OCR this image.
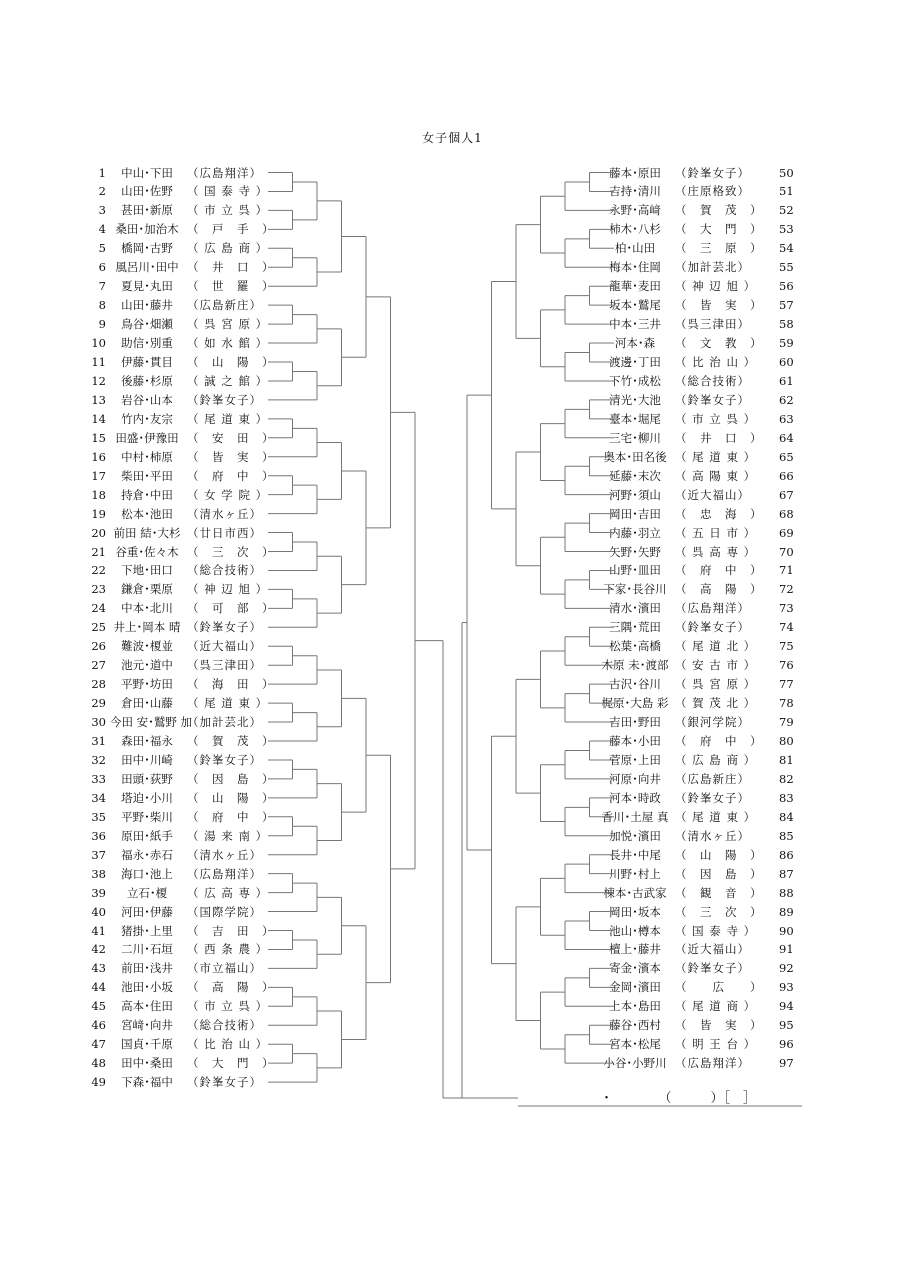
女子個人1
1 中山･下田 （広島翔洋）
2 山田･佐野 （ 国 泰 寺 ）
3 甚田･新原 （ 市 立 呉 ）
4 桑田･加治木 （　戸　手　）
5 橋岡･古野 （ 広 島 商 ）
6 風呂川･田中 （　井　口　）
7 夏見･丸田 （　世　羅　）
8 山田･藤井 （広島新庄）
9 鳥谷･畑瀬 （ 呉 宮 原 ）
10 助信･別重 （ 如 水 館 ）
11 伊藤･貫目 （　山　陽　）
12 後藤･杉原 （ 誠 之 館 ）
13 岩谷･山本 （鈴峯女子）
14 竹内･友宗 （ 尾 道 東 ）
15 田盛･伊豫田 （　安　田　）
16 中村･柿原 （　皆　実　）
17 柴田･平田 （　府　中　）
18 持倉･中田 （ 女 学 院 ）
19 松本･池田 （清水ヶ丘）
20 前田 結･大杉 （廿日市西）
21 谷重･佐々木 （　三　次　）
22 下地･田口 （総合技術）
23 鎌倉･栗原 （ 神 辺 旭 ）
24 中本･北川 （　可　部　）
25 井上･岡本 晴 （鈴峯女子）
26 難波･榎並 （近大福山）
27 池元･道中 （呉三津田）
28 平野･坊田 （　海　田　）
29 倉田･山藤 （ 尾 道 東 ）
30 今田 安･鷲野 加（加計芸北）
31 森田･福永 （　賀　茂　）
32 田中･川崎 （鈴峯女子）
33 田頭･荻野 （　因　島　）
34 塔迫･小川 （　山　陽　）
35 平野･柴川 （　府　中　）
36 原田･紙手 （ 湯 来 南 ）
37 福永･赤石 （清水ヶ丘）
38 海口･池上 （広島翔洋）
39 立石･榎 （ 広 高 専 ）
40 河田･伊藤 （国際学院）
41 猪掛･上里 （　吉　田　）
42 二川･石垣 （ 西 条 農 ）
43 前田･浅井 （市立福山）
44 池田･小坂 （　高　陽　）
45 高本･住田 （ 市 立 呉 ）
46 宮﨑･向井 （総合技術）
47 国貞･千原 （ 比 治 山 ）
48 田中･桑田 （　大　門　）
49 下森･福中 （鈴峯女子）
藤本･原田 （鈴峯女子）	50
吉持･清川 （庄原格致）	51
永野･高﨑 （　賀　茂　） 52
柿木･八杉 （　大　門　） 53
柏･山田 （　三　原　） 54
梅本･住岡 （加計芸北）	55
龍華･麦田 （ 神 辺 旭 ） 56
坂本･鷲尾 （　皆　実　） 57
中本･三井 （呉三津田）	58
河本･森 （　文　教　） 59
渡邊･丁田 （ 比 治 山 ） 60
下竹･成松 （総合技術）	61
清光･大池 （鈴峯女子）	62
臺本･堀尾 （ 市 立 呉 ） 63
三宅･柳川 （　井　口　） 64
奥本･田名後 （ 尾 道 東 ） 65
延藤･末次 （ 高 陽 東 ） 66
河野･須山 （近大福山）	67
岡田･吉田 （　忠　海　） 68
内藤･羽立 （ 五 日 市 ） 69
矢野･矢野 （ 呉 高 専 ） 70
山野･皿田 （　府　中　） 71
下家･長谷川 （　高　陽　） 72
清水･濱田 （広島翔洋）	73
三隅･荒田 （鈴峯女子）	74
松葉･高橋 （ 尾 道 北 ） 75
木原 未･渡部 （ 安 古 市 ） 76
古沢･谷川 （ 呉 宮 原 ） 77
梶原･大島 彩 （ 賀 茂 北 ） 78
吉田･野田 （銀河学院）	79
藤本･小田 （　府　中　） 80
菅原･上田 （ 広 島 商 ） 81
河原･向井 （広島新庄）	82
河本･時政 （鈴峯女子）	83
香川･土屋 真 （ 尾 道 東 ） 84
加悦･濱田 （清水ヶ丘）	85
長井･中尾 （　山　陽　） 86
川野･村上 （　因　島　） 87
棟本･古武家 （　観　音　） 88
岡田･坂本 （　三　次　） 89
池山･樽本 （ 国 泰 寺 ） 90
檀上･藤井 （近大福山）	91
寄金･濱本 （鈴峯女子）	92
金岡･濱田 （　　広　　） 93
上本･島田 （ 尾 道 商 ） 94
藤谷･西村 （　皆　実　） 95
宮本･松尾 （ 明 王 台 ） 96
小谷･小野川 （広島翔洋）	97
・　　　　（　　　）［　］
